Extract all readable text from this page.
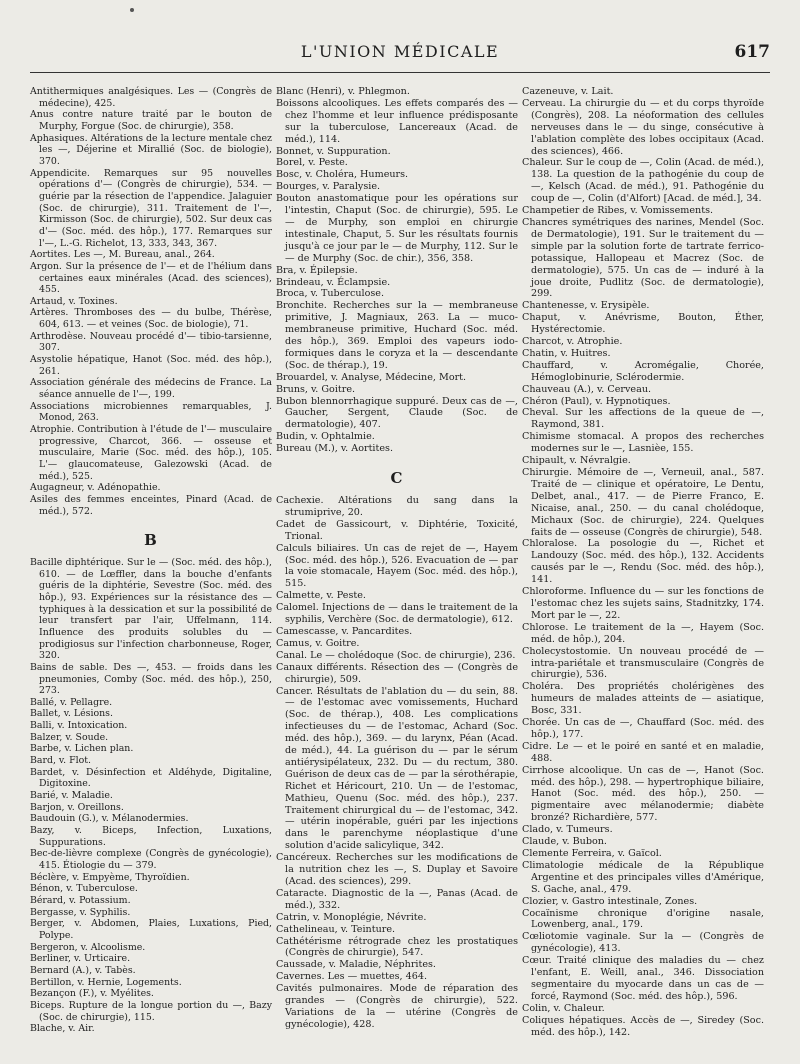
L'UNION MÉDICALE	617

Antithermiques analgésiques. Les — (Congrès de médecine), 425.

Anus contre nature traité par le bouton de Murphy, Forgue (Soc. de chirurgie), 358.

Aphasiques. Altérations de la lecture mentale chez les —, Déjerine et Mirallié (Soc. de biologie), 370.

Appendicite. Remarques sur 95 nouvelles opérations d'— (Congrès de chirurgie), 534. — guérie par la résection de l'appendice. Jalaguier (Soc. de chirurgie), 311. Traitement de l'—, Kirmisson (Soc. de chirurgie), 502. Sur deux cas d'— (Soc. méd. des hôp.), 177. Remarques sur l'—, L.-G. Richelot, 13, 333, 343, 367.

Aortites. Les —, M. Bureau, anal., 264.

Argon. Sur la présence de l'— et de l'hélium dans certaines eaux minérales (Acad. des sciences), 455.

Artaud, v. Toxines.

Artères. Thromboses des — du bulbe, Thérèse, 604, 613. — et veines (Soc. de biologie), 71.

Arthrodèse. Nouveau procédé d'— tibio-tarsienne, 307.

Asystolie hépatique, Hanot (Soc. méd. des hôp.), 261.

Association générale des médecins de France. La séance annuelle de l'—, 199.

Associations microbiennes remarquables, J. Monod, 263.

Atrophie. Contribution à l'étude de l'— musculaire progressive, Charcot, 366. — osseuse et musculaire, Marie (Soc. méd. des hôp.), 105. L'— glaucomateuse, Galezowski (Acad. de méd.), 525.

Augagneur, v. Adénopathie.

Asiles des femmes enceintes, Pinard (Acad. de méd.), 572.

B

Bacille diphtérique. Sur le — (Soc. méd. des hôp.), 610. — de Lœffler, dans la bouche d'enfants guéris de la diphtérie, Sevestre (Soc. méd. des hôp.), 93. Expériences sur la résistance des — typhiques à la dessication et sur la possibilité de leur transfert par l'air, Uffelmann, 114. Influence des produits solubles du — prodigiosus sur l'infection charbonneuse, Roger, 320.

Bains de sable. Des —, 453. — froids dans les pneumonies, Comby (Soc. méd. des hôp.), 250, 273.

Ballé, v. Pellagre.

Ballet, v. Lésions.

Balli, v. Intoxication.

Balzer, v. Soude.

Barbe, v. Lichen plan.

Bard, v. Flot.

Bardet, v. Désinfection et Aldéhyde, Digitaline, Digitoxine.

Barié, v. Maladie.

Barjon, v. Oreillons.

Baudouin (G.), v. Mélanodermies.

Bazy, v. Biceps, Infection, Luxations, Suppurations.

Bec-de-lièvre complexe (Congrès de gynécologie), 415. Étiologie du — 379.

Béclère, v. Empyème, Thyroïdien.

Bénon, v. Tuberculose.

Bérard, v. Potassium.

Bergasse, v. Syphilis.

Berger, v. Abdomen, Plaies, Luxations, Pied, Polype.

Bergeron, v. Alcoolisme.

Berliner, v. Urticaire.

Bernard (A.), v. Tabès.

Bertillon, v. Hernie, Logements.

Bezançon (F.), v. Myélites.

Biceps. Rupture de la longue portion du —, Bazy (Soc. de chirurgie), 115.

Blache, v. Air.

Blanc (Henri), v. Phlegmon.

Boissons alcooliques. Les effets comparés des — chez l'homme et leur influence prédisposante sur la tuberculose, Lancereaux (Acad. de méd.), 114.

Bonnet, v. Suppuration.

Borel, v. Peste.

Bosc, v. Choléra, Humeurs.

Bourges, v. Paralysie.

Bouton anastomatique pour les opérations sur l'intestin, Chaput (Soc. de chirurgie), 595. Le — de Murphy, son emploi en chirurgie intestinale, Chaput, 5. Sur les résultats fournis jusqu'à ce jour par le — de Murphy, 112. Sur le — de Murphy (Soc. de chir.), 356, 358.

Bra, v. Épilepsie.

Brindeau, v. Éclampsie.

Broca, v. Tuberculose.

Bronchite. Recherches sur la — membraneuse primitive, J. Magniaux, 263. La — muco-membraneuse primitive, Huchard (Soc. méd. des hôp.), 369. Emploi des vapeurs iodo-formiques dans le coryza et la — descendante (Soc. de thérap.), 19.

Brouardel, v. Analyse, Médecine, Mort.

Bruns, v. Goitre.

Bubon blennorrhagique suppuré. Deux cas de —, Gaucher, Sergent, Claude (Soc. de dermatologie), 407.

Budin, v. Ophtalmie.

Bureau (M.), v. Aortites.

C

Cachexie. Altérations du sang dans la strumiprive, 20.

Cadet de Gassicourt, v. Diphtérie, Toxicité, Trional.

Calculs biliaires. Un cas de rejet de —, Hayem (Soc. méd. des hôp.), 526. Evacuation de — par la voie stomacale, Hayem (Soc. méd. des hôp.), 515.

Calmette, v. Peste.

Calomel. Injections de — dans le traitement de la syphilis, Verchère (Soc. de dermatologie), 612.

Camescasse, v. Pancardites.

Camus, v. Goitre.

Canal. Le — cholédoque (Soc. de chirurgie), 236.

Canaux différents. Résection des — (Congrès de chirurgie), 509.

Cancer. Résultats de l'ablation du — du sein, 88. — de l'estomac avec vomissements, Huchard (Soc. de thérap.), 408. Les complications infectieuses du — de l'estomac, Achard (Soc. méd. des hôp.), 369. — du larynx, Péan (Acad. de méd.), 44. La guérison du — par le sérum antiérysipélateux, 232. Du — du rectum, 380. Guérison de deux cas de — par la sérothérapie, Richet et Héricourt, 210. Un — de l'estomac, Mathieu, Quenu (Soc. méd. des hôp.), 237. Traitement chirurgical du — de l'estomac, 342. — utérin inopérable, guéri par les injections dans le parenchyme néoplastique d'une solution d'acide salicylique, 342.

Cancéreux. Recherches sur les modifications de la nutrition chez les —, S. Duplay et Savoire (Acad. des sciences), 299.

Cataracte. Diagnostic de la —, Panas (Acad. de méd.), 332.

Catrin, v. Monoplégie, Névrite.

Cathelineau, v. Teinture.

Cathétérisme rétrograde chez les prostatiques (Congrès de chirurgie), 547.

Caussade, v. Maladie, Néphrites.

Cavernes. Les — muettes, 464.

Cavités pulmonaires. Mode de réparation des grandes — (Congrès de chirurgie), 522. Variations de la — utérine (Congrès de gynécologie), 428.

Cazeneuve, v. Lait.

Cerveau. La chirurgie du — et du corps thyroïde (Congrès), 208. La néoformation des cellules nerveuses dans le — du singe, consécutive à l'ablation complète des lobes occipitaux (Acad. des sciences), 466.

Chaleur. Sur le coup de —, Colin (Acad. de méd.), 138. La question de la pathogénie du coup de —, Kelsch (Acad. de méd.), 91. Pathogénie du coup de —, Colin (d'Alfort) [Acad. de méd.], 34.

Champetier de Ribes, v. Vomissements.

Chancres symétriques des narines, Mendel (Soc. de Dermatologie), 191. Sur le traitement du — simple par la solution forte de tartrate ferrico-potassique, Hallopeau et Macrez (Soc. de dermatologie), 575. Un cas de — induré à la joue droite, Pudlitz (Soc. de dermatologie), 299.

Chantenesse, v. Erysipèle.

Chaput, v. Anévrisme, Bouton, Éther, Hystérectomie.

Charcot, v. Atrophie.

Chatin, v. Huitres.

Chauffard, v. Acromégalie, Chorée, Hémoglobinurie, Sclérodermie.

Chauveau (A.), v. Cerveau.

Chéron (Paul), v. Hypnotiques.

Cheval. Sur les affections de la queue de —, Raymond, 381.

Chimisme stomacal. A propos des recherches modernes sur le —, Lasnièe, 155.

Chipault, v. Névralgie.

Chirurgie. Mémoire de —, Verneuil, anal., 587. Traité de — clinique et opératoire, Le Dentu, Delbet, anal., 417. — de Pierre Franco, E. Nicaise, anal., 250. — du canal cholédoque, Michaux (Soc. de chirurgie), 224. Quelques faits de — osseuse (Congrès de chirurgie), 548.

Chloralose. La posologie du —, Richet et Landouzy (Soc. méd. des hôp.), 132. Accidents causés par le —, Rendu (Soc. méd. des hôp.), 141.

Chloroforme. Influence du — sur les fonctions de l'estomac chez les sujets sains, Stadnitzky, 174. Mort par le —, 22.

Chlorose. Le traitement de la —, Hayem (Soc. méd. de hôp.), 204.

Cholecystostomie. Un nouveau procédé de — intra-pariétale et transmusculaire (Congrès de chirurgie), 536.

Choléra. Des propriétés cholérigènes des humeurs de malades atteints de — asiatique, Bosc, 331.

Chorée. Un cas de —, Chauffard (Soc. méd. des hôp.), 177.

Cidre. Le — et le poiré en santé et en maladie, 488.

Cirrhose alcoolique. Un cas de —, Hanot (Soc. méd. des hôp.), 298. — hypertrophique biliaire, Hanot (Soc. méd. des hôp.), 250. — pigmentaire avec mélanodermie; diabète bronzé? Richardière, 577.

Clado, v. Tumeurs.

Claude, v. Bubon.

Clemente Ferreira, v. Gaïcol.

Climatologie médicale de la République Argentine et des principales villes d'Amérique, S. Gache, anal., 479.

Clozier, v. Gastro intestinale, Zones.

Cocaïnisme chronique d'origine nasale, Lowenberg, anal., 179.

Cœliotomie vaginale. Sur la — (Congrès de gynécologie), 413.

Cœur. Traité clinique des maladies du — chez l'enfant, E. Weill, anal., 346. Dissociation segmentaire du myocarde dans un cas de — forcé, Raymond (Soc. méd. des hôp.), 596.

Colin, v. Chaleur.

Coliques hépatiques. Accès de —, Siredey (Soc. méd. des hôp.), 142.
